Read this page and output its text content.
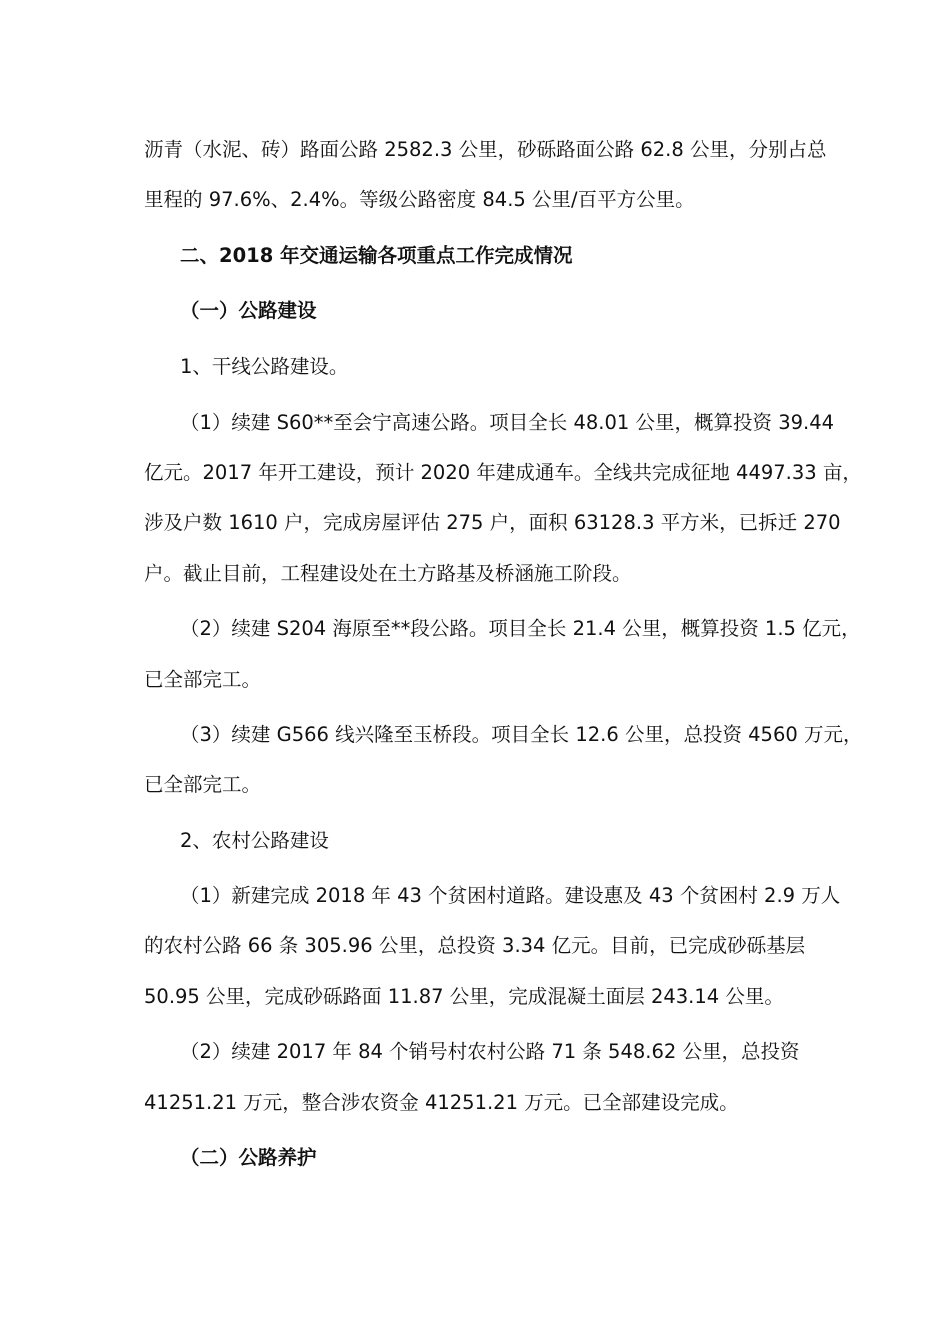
沥青（水泥、砖）路面公路 2582.3 公里，砂砾路面公路 62.8 公里，分别占总
里程的 97.6%、2.4%。等级公路密度 84.5 公里/百平方公里。
二、2018 年交通运输各项重点工作完成情况
（一）公路建设
1、干线公路建设。
（1）续建 S60**至会宁高速公路。项目全长 48.01 公里，概算投资 39.44
亿元。2017 年开工建设，预计 2020 年建成通车。全线共完成征地 4497.33 亩，
涉及户数 1610 户，完成房屋评估 275 户，面积 63128.3 平方米，已拆迁 270
户。截止目前，工程建设处在土方路基及桥涵施工阶段。
（2）续建 S204 海原至**段公路。项目全长 21.4 公里，概算投资 1.5 亿元，
已全部完工。
（3）续建 G566 线兴隆至玉桥段。项目全长 12.6 公里，总投资 4560 万元，
已全部完工。
2、农村公路建设
（1）新建完成 2018 年 43 个贫困村道路。建设惠及 43 个贫困村 2.9 万人
的农村公路 66 条 305.96 公里，总投资 3.34 亿元。目前，已完成砂砾基层
50.95 公里，完成砂砾路面 11.87 公里，完成混凝土面层 243.14 公里。
（2）续建 2017 年 84 个销号村农村公路 71 条 548.62 公里，总投资
41251.21 万元，整合涉农资金 41251.21 万元。已全部建设完成。
（二）公路养护
